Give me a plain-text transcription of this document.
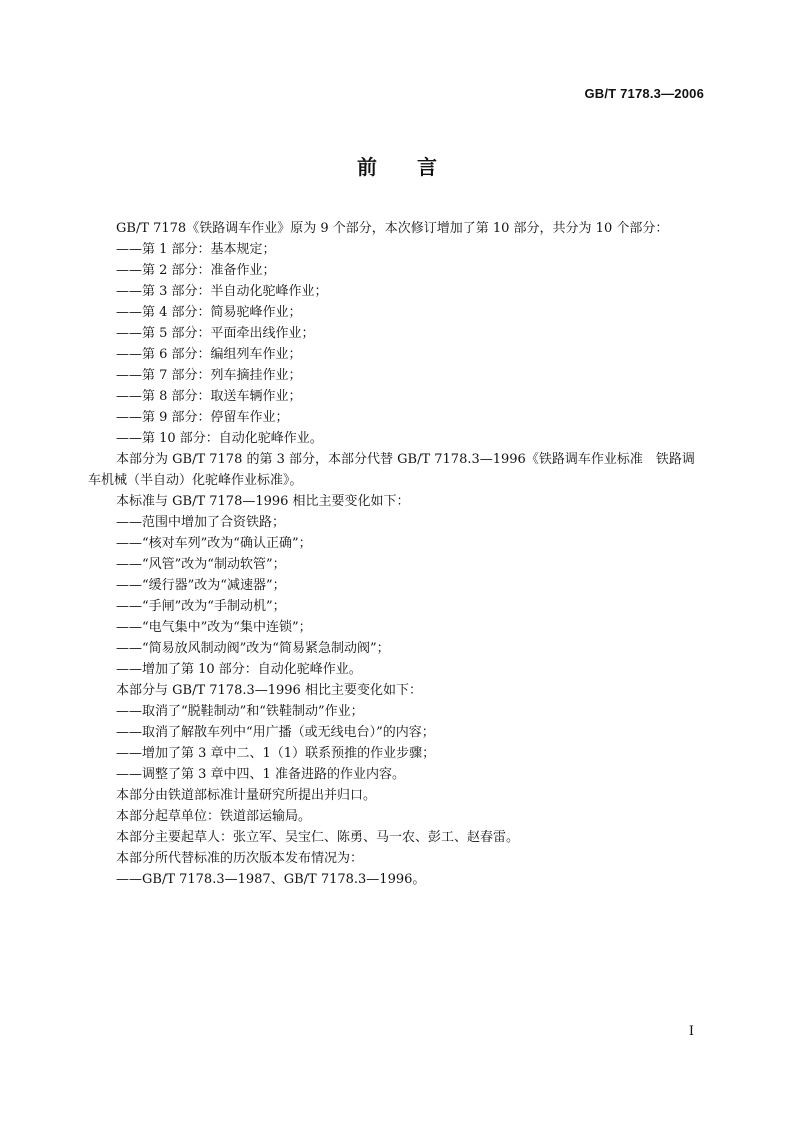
GB/T 7178.3—2006
前言
GB/T 7178《铁路调车作业》原为 9 个部分，本次修订增加了第 10 部分，共分为 10 个部分：
——第 1 部分：基本规定；
——第 2 部分：准备作业；
——第 3 部分：半自动化驼峰作业；
——第 4 部分：简易驼峰作业；
——第 5 部分：平面牵出线作业；
——第 6 部分：编组列车作业；
——第 7 部分：列车摘挂作业；
——第 8 部分：取送车辆作业；
——第 9 部分：停留车作业；
——第 10 部分：自动化驼峰作业。
本部分为 GB/T 7178 的第 3 部分，本部分代替 GB/T 7178.3—1996《铁路调车作业标准　铁路调
车机械（半自动）化驼峰作业标准》。
本标准与 GB/T 7178—1996 相比主要变化如下：
——范围中增加了合资铁路；
——“核对车列”改为“确认正确”；
——“风管”改为“制动软管”；
——“缓行器”改为“减速器”；
——“手闸”改为“手制动机”；
——“电气集中”改为“集中连锁”；
——“简易放风制动阀”改为“简易紧急制动阀”；
——增加了第 10 部分：自动化驼峰作业。
本部分与 GB/T 7178.3—1996 相比主要变化如下：
——取消了“脱鞋制动”和“铁鞋制动”作业；
——取消了解散车列中“用广播（或无线电台）”的内容；
——增加了第 3 章中二、1（1）联系预推的作业步骤；
——调整了第 3 章中四、1 准备进路的作业内容。
本部分由铁道部标准计量研究所提出并归口。
本部分起草单位：铁道部运输局。
本部分主要起草人：张立军、吴宝仁、陈勇、马一农、彭工、赵春雷。
本部分所代替标准的历次版本发布情况为：
——GB/T 7178.3—1987、GB/T 7178.3—1996。
I
